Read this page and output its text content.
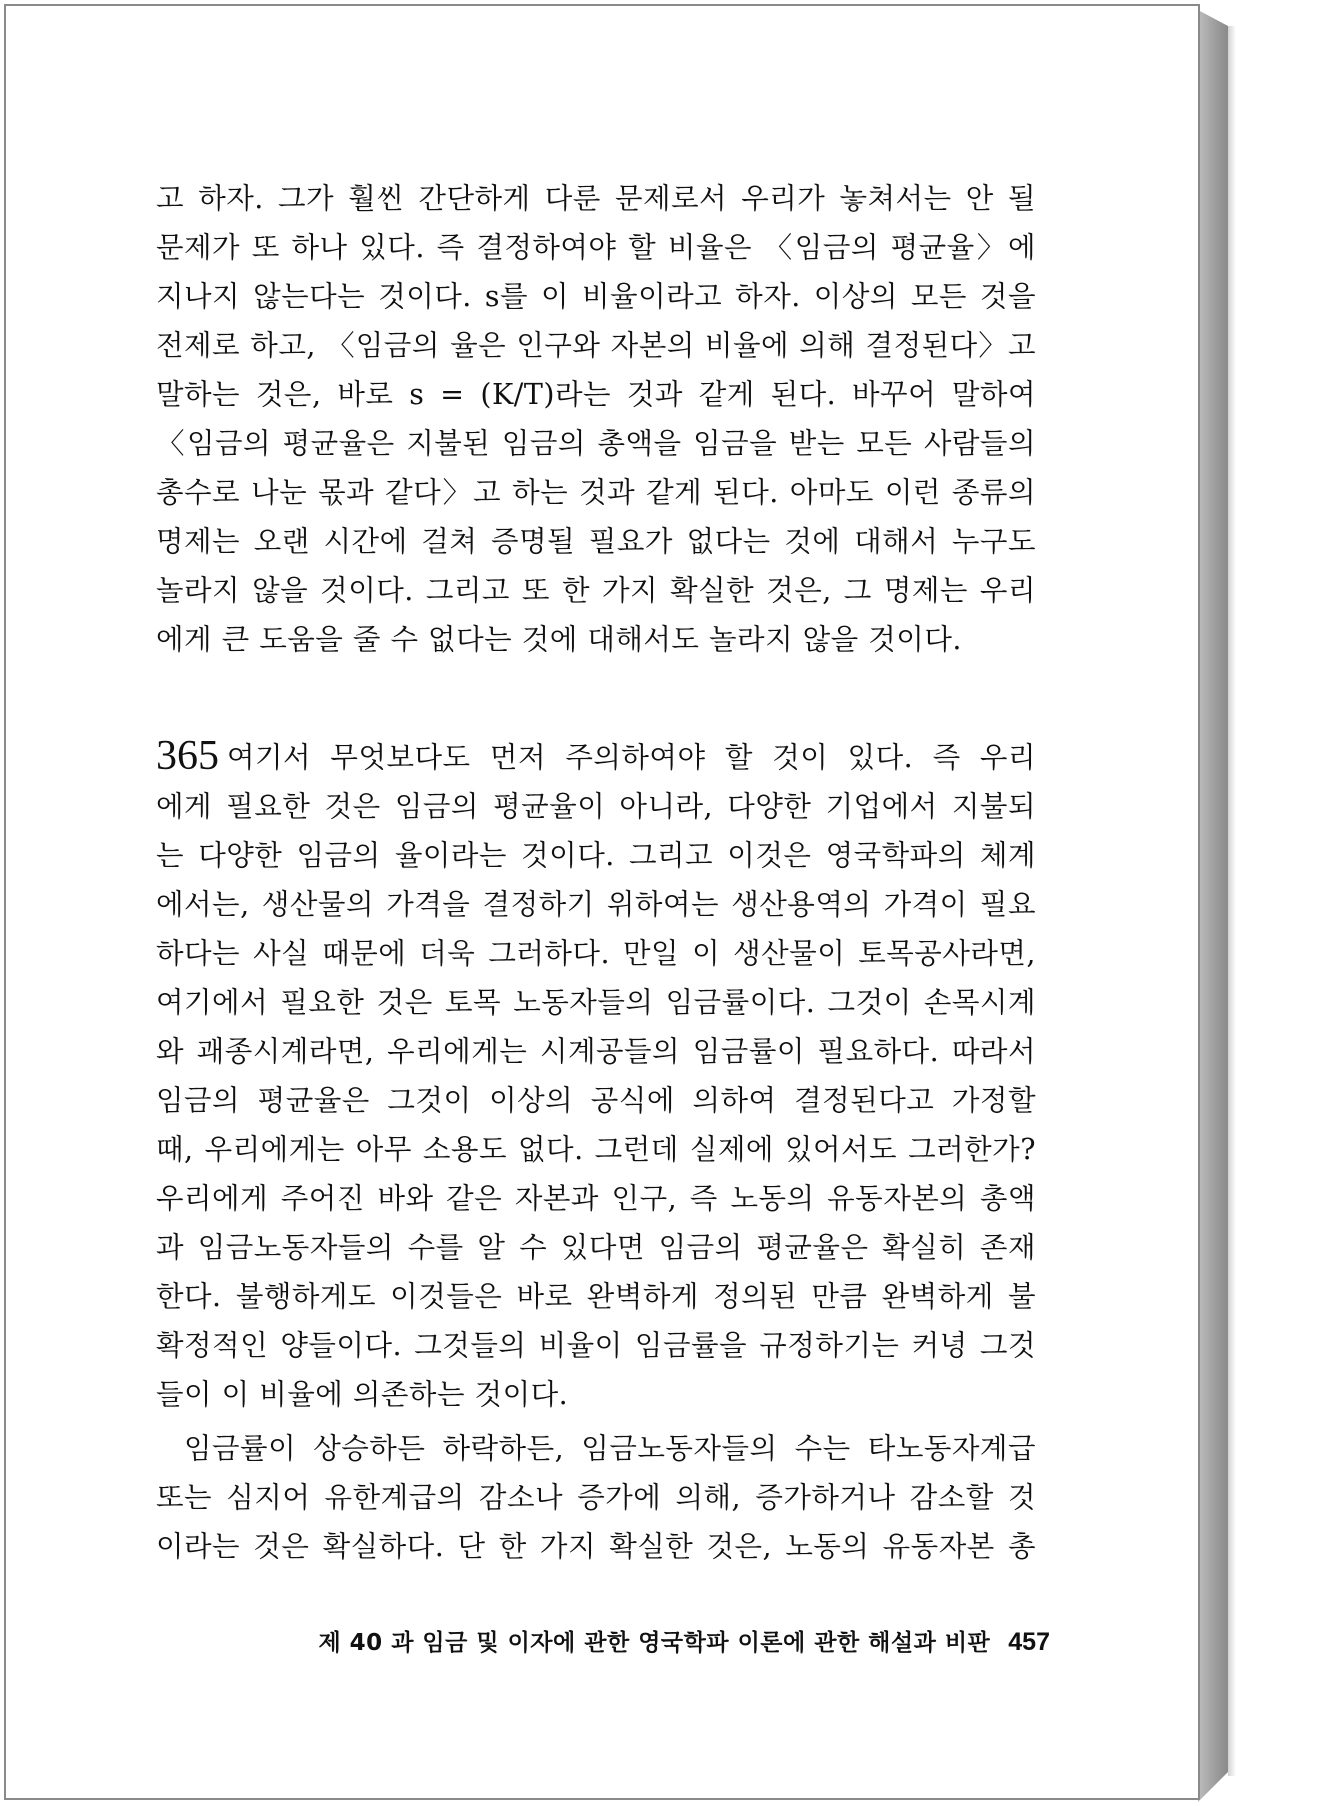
고 하자. 그가 훨씬 간단하게 다룬 문제로서 우리가 놓쳐서는 안 될
문제가 또 하나 있다. 즉 결정하여야 할 비율은 〈임금의 평균율〉에
지나지 않는다는 것이다. s를 이 비율이라고 하자. 이상의 모든 것을
전제로 하고, 〈임금의 율은 인구와 자본의 비율에 의해 결정된다〉고
말하는 것은, 바로 s = (K/T)라는 것과 같게 된다. 바꾸어 말하여
〈임금의 평균율은 지불된 임금의 총액을 임금을 받는 모든 사람들의
총수로 나눈 몫과 같다〉고 하는 것과 같게 된다. 아마도 이런 종류의
명제는 오랜 시간에 걸쳐 증명될 필요가 없다는 것에 대해서 누구도
놀라지 않을 것이다. 그리고 또 한 가지 확실한 것은, 그 명제는 우리
에게 큰 도움을 줄 수 없다는 것에 대해서도 놀라지 않을 것이다.
365 여기서 무엇보다도 먼저 주의하여야 할 것이 있다. 즉 우리
에게 필요한 것은 임금의 평균율이 아니라, 다양한 기업에서 지불되
는 다양한 임금의 율이라는 것이다. 그리고 이것은 영국학파의 체계
에서는, 생산물의 가격을 결정하기 위하여는 생산용역의 가격이 필요
하다는 사실 때문에 더욱 그러하다. 만일 이 생산물이 토목공사라면,
여기에서 필요한 것은 토목 노동자들의 임금률이다. 그것이 손목시계
와 괘종시계라면, 우리에게는 시계공들의 임금률이 필요하다. 따라서
임금의 평균율은 그것이 이상의 공식에 의하여 결정된다고 가정할
때, 우리에게는 아무 소용도 없다. 그런데 실제에 있어서도 그러한가?
우리에게 주어진 바와 같은 자본과 인구, 즉 노동의 유동자본의 총액
과 임금노동자들의 수를 알 수 있다면 임금의 평균율은 확실히 존재
한다. 불행하게도 이것들은 바로 완벽하게 정의된 만큼 완벽하게 불
확정적인 양들이다. 그것들의 비율이 임금률을 규정하기는 커녕 그것
들이 이 비율에 의존하는 것이다.
임금률이 상승하든 하락하든, 임금노동자들의 수는 타노동자계급
또는 심지어 유한계급의 감소나 증가에 의해, 증가하거나 감소할 것
이라는 것은 확실하다. 단 한 가지 확실한 것은, 노동의 유동자본 총
제 40 과 임금 및 이자에 관한 영국학파 이론에 관한 해설과 비판 457
